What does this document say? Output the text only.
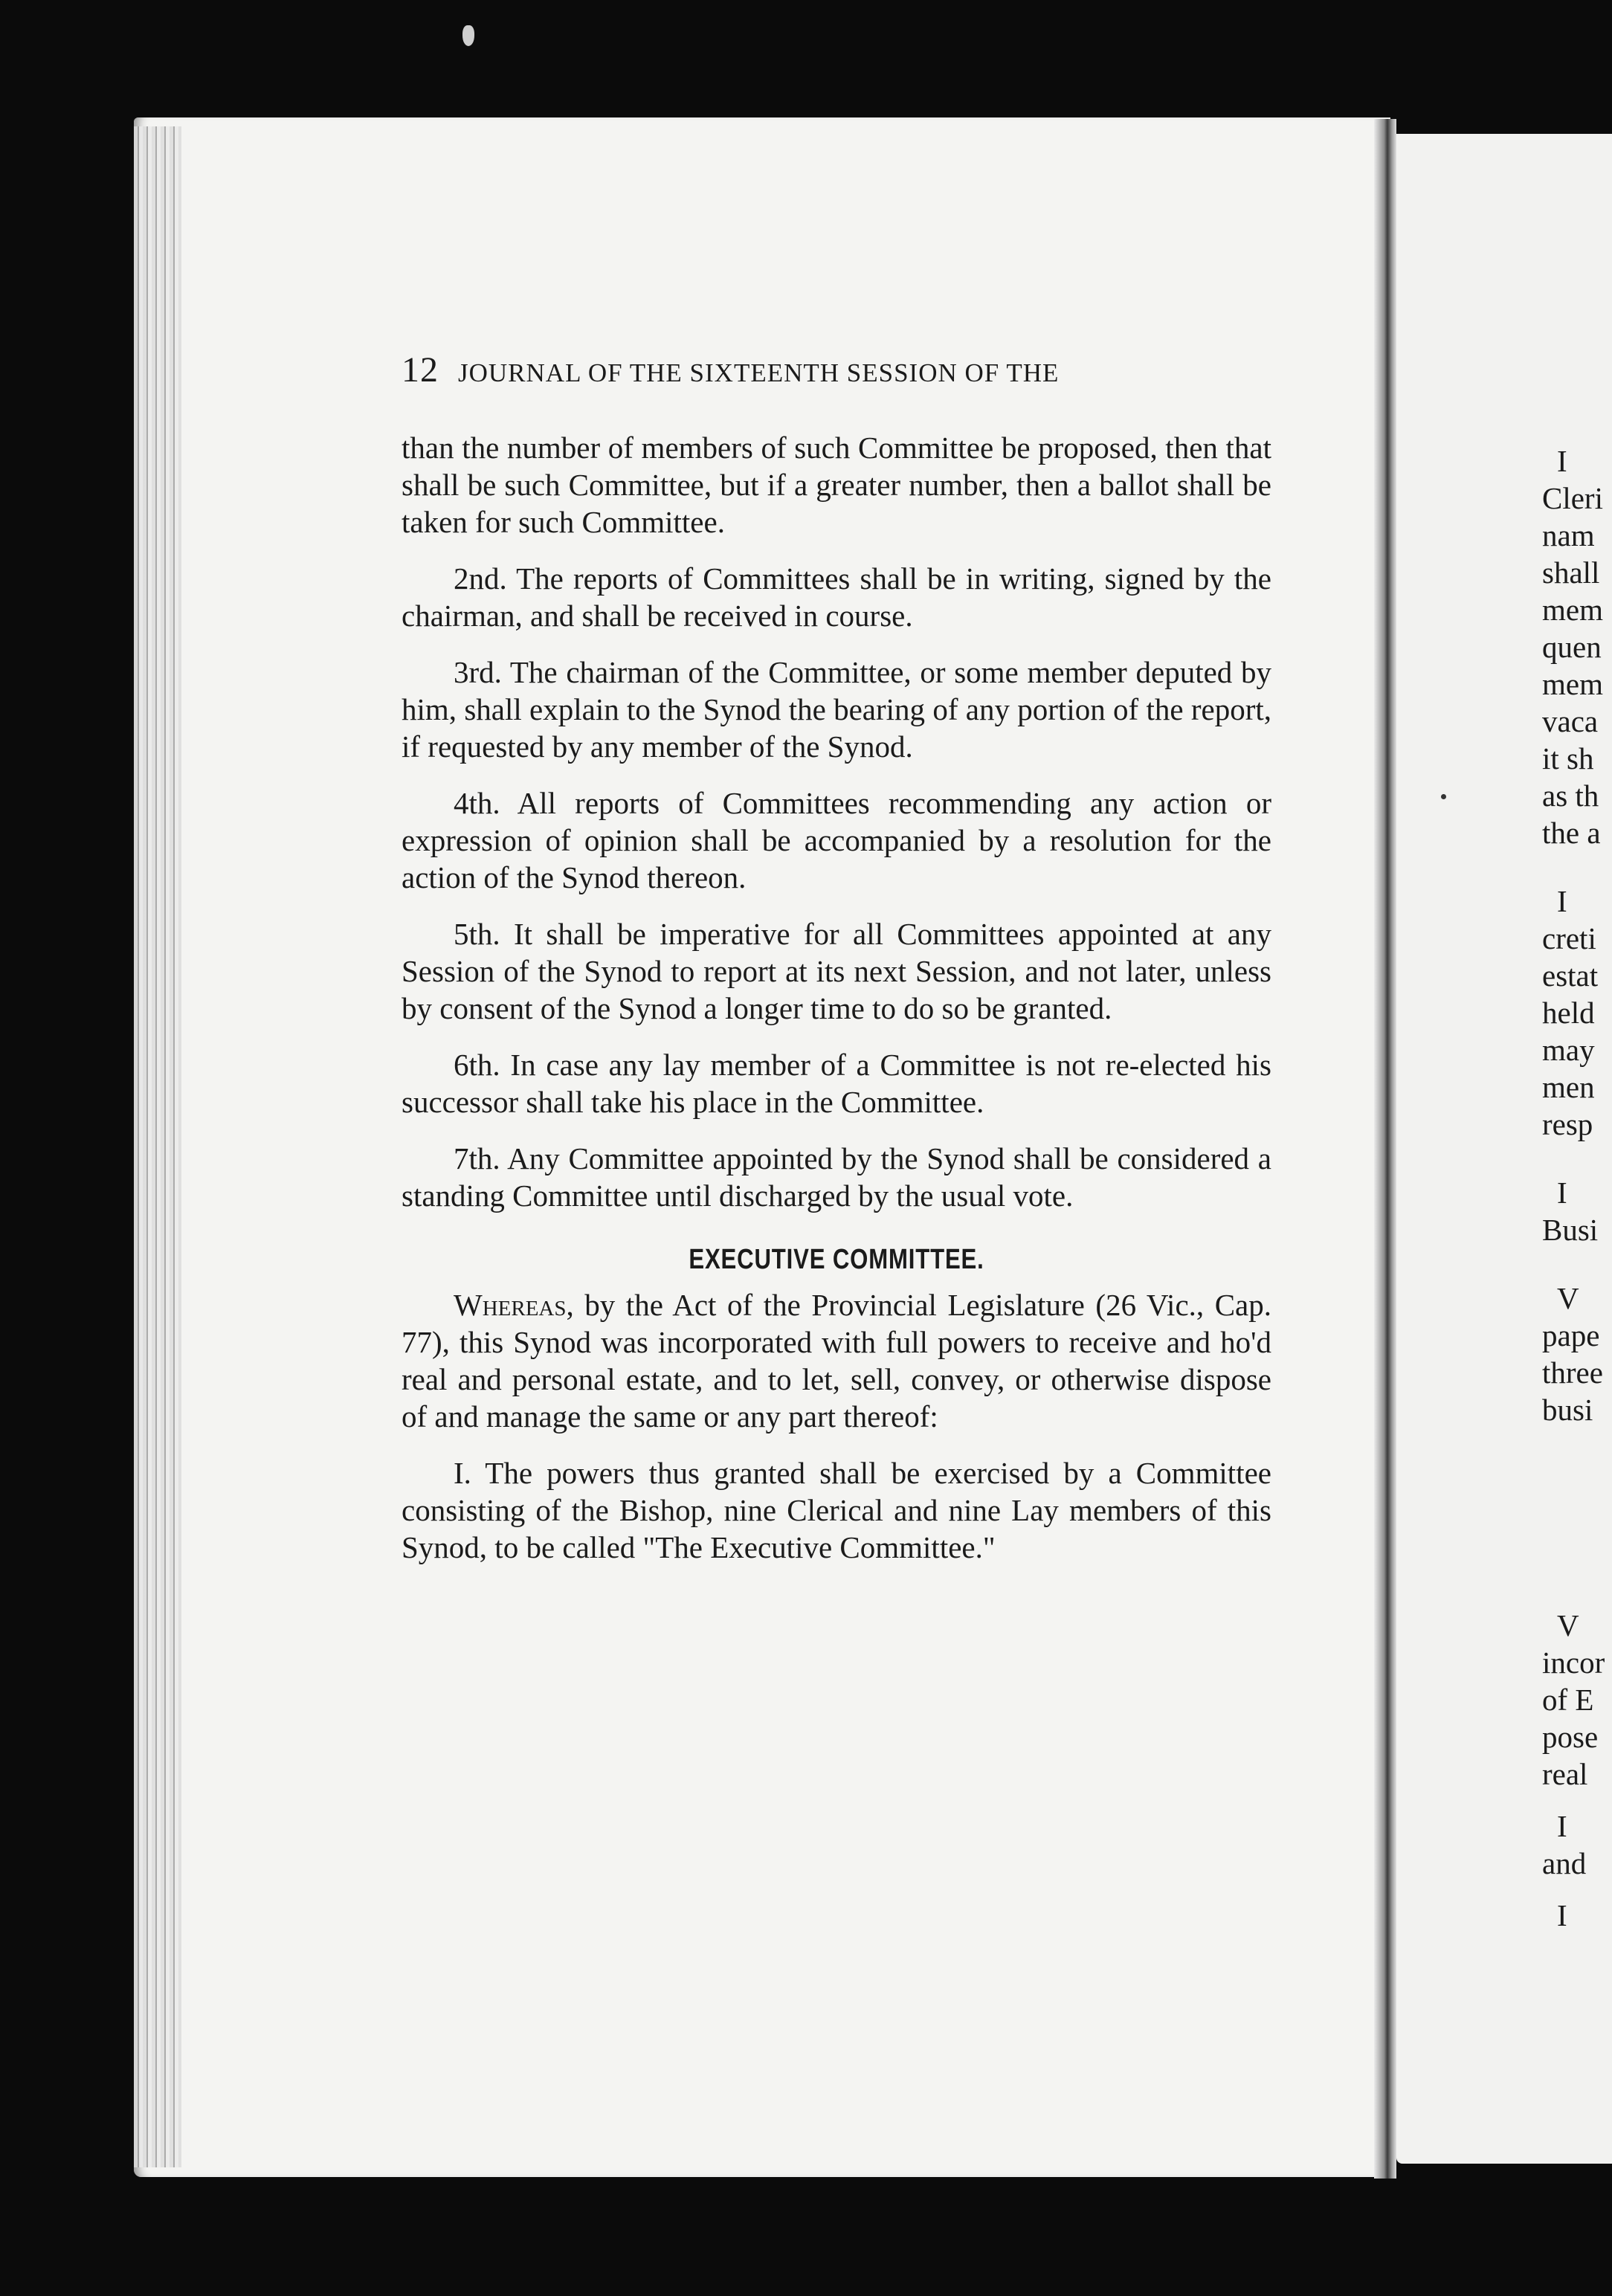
12 JOURNAL OF THE SIXTEENTH SESSION OF THE

than the number of members of such Committee be proposed, then that shall be such Committee, but if a greater number, then a ballot shall be taken for such Committee.

2nd. The reports of Committees shall be in writing, signed by the chairman, and shall be received in course.

3rd. The chairman of the Committee, or some member deputed by him, shall explain to the Synod the bearing of any portion of the report, if requested by any member of the Synod.

4th. All reports of Committees recommending any action or expression of opinion shall be accompanied by a resolution for the action of the Synod thereon.

5th. It shall be imperative for all Committees appointed at any Session of the Synod to report at its next Session, and not later, unless by consent of the Synod a longer time to do so be granted.

6th. In case any lay member of a Committee is not re-elected his successor shall take his place in the Committee.

7th. Any Committee appointed by the Synod shall be considered a standing Committee until discharged by the usual vote.

EXECUTIVE COMMITTEE.

Whereas, by the Act of the Provincial Legislature (26 Vic., Cap. 77), this Synod was incorporated with full powers to receive and ho'd real and personal estate, and to let, sell, convey, or otherwise dispose of and manage the same or any part thereof:

I. The powers thus granted shall be exercised by a Committee consisting of the Bishop, nine Clerical and nine Lay members of this Synod, to be called "The Executive Committee."

I
Cleri
nam
shall
mem
quen
mem
vaca
it sh
as th
the a
I
creti
estat
held
may
men
resp
I
Busi
V
pape
three
busi
V
incor
of E
pose
real
I
and
I
